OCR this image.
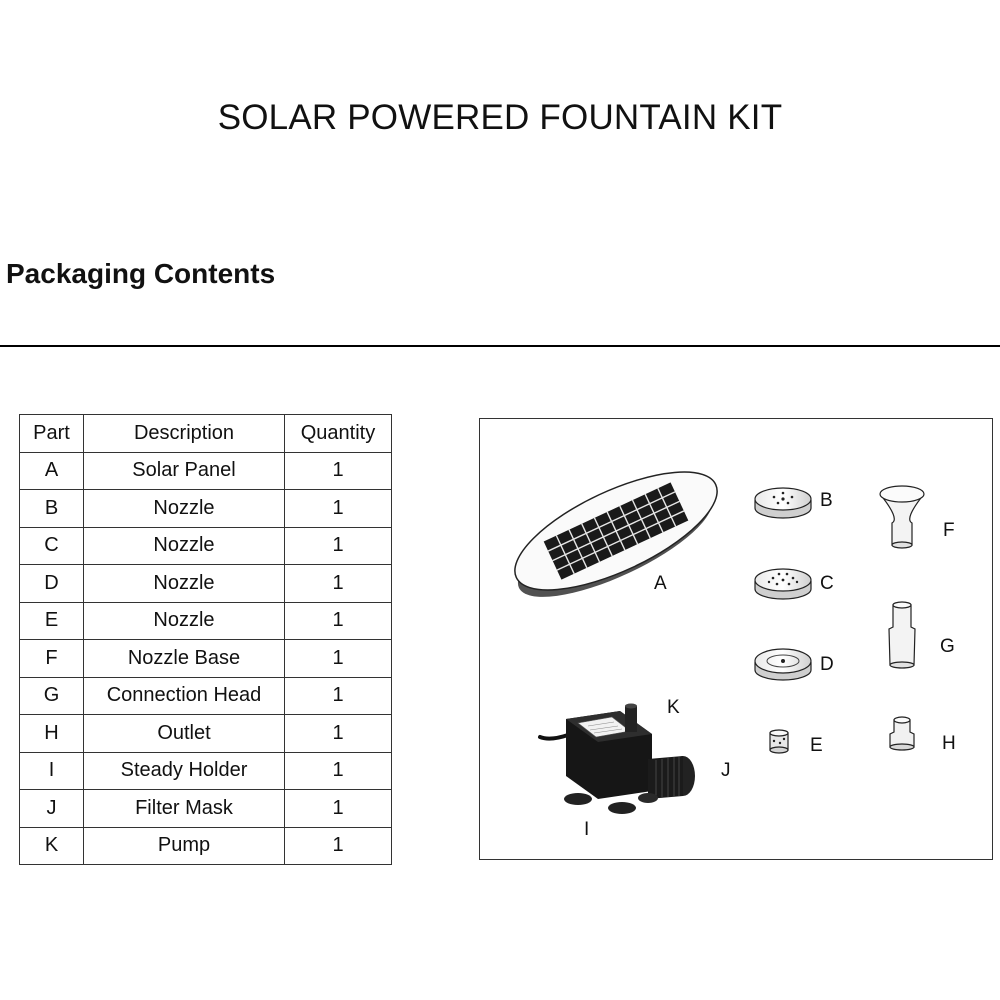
SOLAR POWERED FOUNTAIN KIT
Packaging Contents
Part	Description	Quantity
A	Solar Panel	1
B	Nozzle	1
C	Nozzle	1
D	Nozzle	1
E	Nozzle	1
F	Nozzle Base	1
G	Connection Head	1
H	Outlet	1
I	Steady Holder	1
J	Filter Mask	1
K	Pump	1
A
B
C
D
E
F
G
H
I
J
K
